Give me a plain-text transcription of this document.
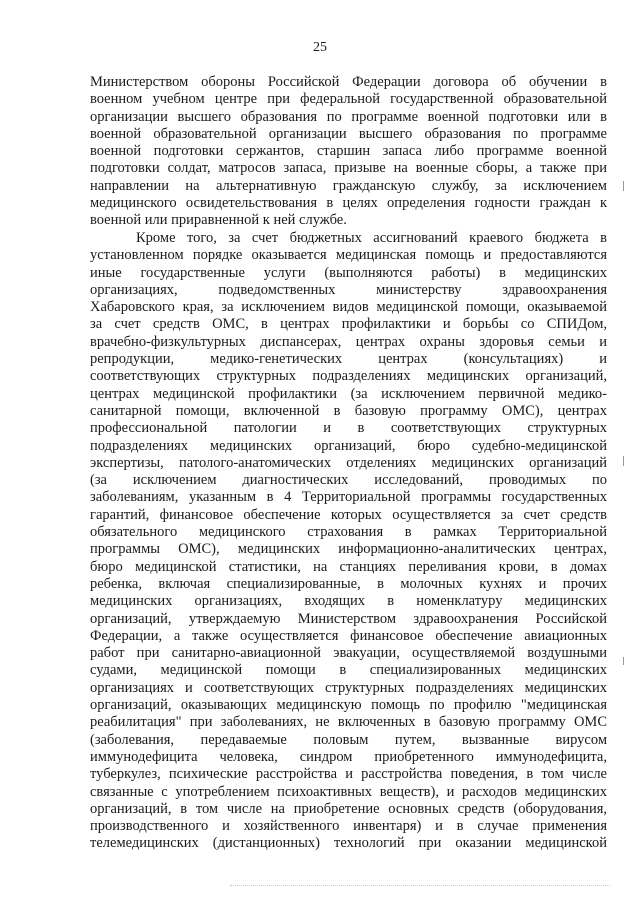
25

Министерством обороны Российской Федерации договора об обучении в

военном учебном центре при федеральной государственной образовательной

организации высшего образования по программе военной подготовки или в

военной образовательной организации высшего образования по программе

военной подготовки сержантов, старшин запаса либо программе военной

подготовки солдат, матросов запаса, призыве на военные сборы, а также при

направлении на альтернативную гражданскую службу, за исключением

медицинского освидетельствования в целях определения годности граждан к

военной или приравненной к ней службе.

Кроме того, за счет бюджетных ассигнований краевого бюджета в

установленном порядке оказывается медицинская помощь и предоставляются

иные государственные услуги (выполняются работы) в медицинских

организациях, подведомственных министерству здравоохранения

Хабаровского края, за исключением видов медицинской помощи, оказываемой

за счет средств ОМС, в центрах профилактики и борьбы со СПИДом,

врачебно-физкультурных диспансерах, центрах охраны здоровья семьи и

репродукции, медико-генетических центрах (консультациях) и

соответствующих структурных подразделениях медицинских организаций,

центрах медицинской профилактики (за исключением первичной медико-

санитарной помощи, включенной в базовую программу ОМС), центрах

профессиональной патологии и в соответствующих структурных

подразделениях медицинских организаций, бюро судебно-медицинской

экспертизы, патолого-анатомических отделениях медицинских организаций

(за исключением диагностических исследований, проводимых по

заболеваниям, указанным в 4 Территориальной программы государственных

гарантий, финансовое обеспечение которых осуществляется за счет средств

обязательного медицинского страхования в рамках Территориальной

программы ОМС), медицинских информационно-аналитических центрах,

бюро медицинской статистики, на станциях переливания крови, в домах

ребенка, включая специализированные, в молочных кухнях и прочих

медицинских организациях, входящих в номенклатуру медицинских

организаций, утверждаемую Министерством здравоохранения Российской

Федерации, а также осуществляется финансовое обеспечение авиационных

работ при санитарно-авиационной эвакуации, осуществляемой воздушными

судами, медицинской помощи в специализированных медицинских

организациях и соответствующих структурных подразделениях медицинских

организаций, оказывающих медицинскую помощь по профилю "медицинская

реабилитация" при заболеваниях, не включенных в базовую программу ОМС

(заболевания, передаваемые половым путем, вызванные вирусом

иммунодефицита человека, синдром приобретенного иммунодефицита,

туберкулез, психические расстройства и расстройства поведения, в том числе

связанные с употреблением психоактивных веществ), и расходов медицинских

организаций, в том числе на приобретение основных средств (оборудования,

производственного и хозяйственного инвентаря) и в случае применения

телемедицинских (дистанционных) технологий при оказании медицинской
